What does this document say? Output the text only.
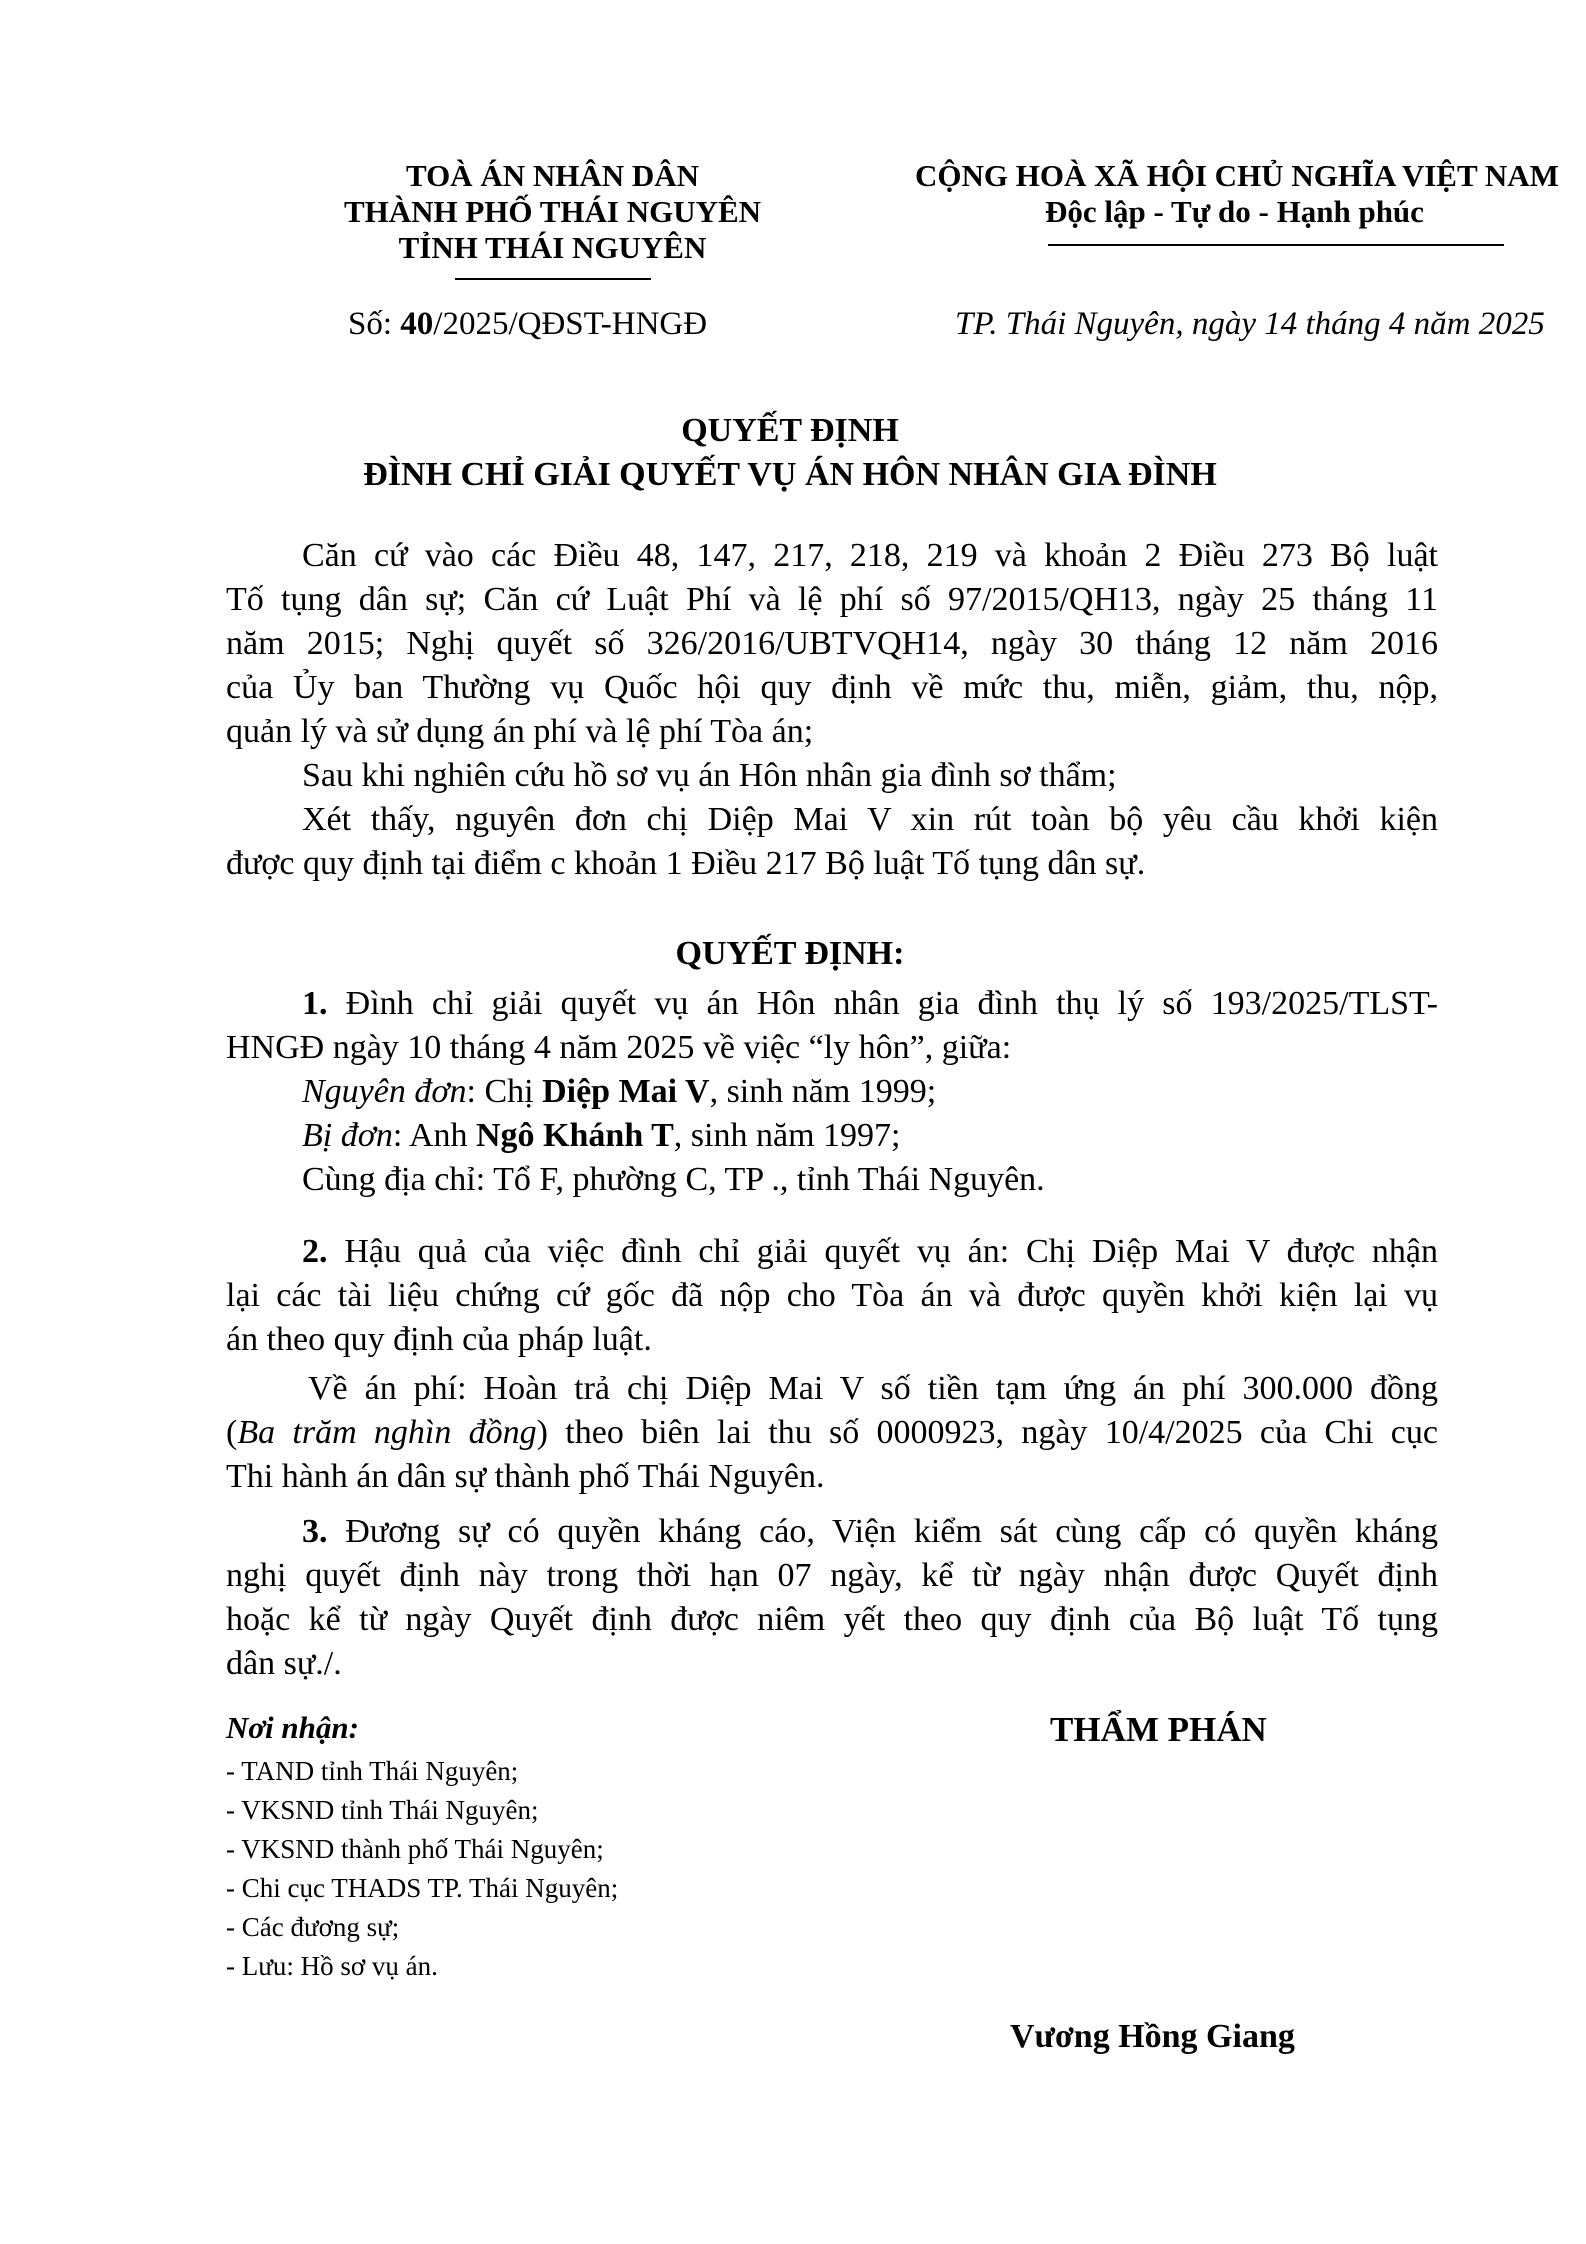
TOÀ ÁN NHÂN DÂN
THÀNH PHỐ THÁI NGUYÊN
TỈNH THÁI NGUYÊN
CỘNG HOÀ XÃ HỘI CHỦ NGHĨA VIỆT NAM
Độc lập - Tự do - Hạnh phúc
Số: 40/2025/QĐST-HNGĐ	TP. Thái Nguyên, ngày 14 tháng 4 năm 2025
QUYẾT ĐỊNH
ĐÌNH CHỈ GIẢI QUYẾT VỤ ÁN HÔN NHÂN GIA ĐÌNH
Căn cứ vào các Điều 48, 147, 217, 218, 219 và khoản 2 Điều 273 Bộ luật
Tố tụng dân sự; Căn cứ Luật Phí và lệ phí số 97/2015/QH13, ngày 25 tháng 11
năm 2015; Nghị quyết số 326/2016/UBTVQH14, ngày 30 tháng 12 năm 2016
của Ủy ban Thường vụ Quốc hội quy định về mức thu, miễn, giảm, thu, nộp,
quản lý và sử dụng án phí và lệ phí Tòa án;
Sau khi nghiên cứu hồ sơ vụ án Hôn nhân gia đình sơ thẩm;
Xét thấy, nguyên đơn chị Diệp Mai V xin rút toàn bộ yêu cầu khởi kiện
được quy định tại điểm c khoản 1 Điều 217 Bộ luật Tố tụng dân sự.
QUYẾT ĐỊNH:
1. Đình chỉ giải quyết vụ án Hôn nhân gia đình thụ lý số 193/2025/TLST-
HNGĐ ngày 10 tháng 4 năm 2025 về việc “ly hôn”, giữa:
Nguyên đơn: Chị Diệp Mai V, sinh năm 1999;
Bị đơn: Anh Ngô Khánh T, sinh năm 1997;
Cùng địa chỉ: Tổ F, phường C, TP ., tỉnh Thái Nguyên.
2. Hậu quả của việc đình chỉ giải quyết vụ án: Chị Diệp Mai V được nhận
lại các tài liệu chứng cứ gốc đã nộp cho Tòa án và được quyền khởi kiện lại vụ
án theo quy định của pháp luật.
Về án phí: Hoàn trả chị Diệp Mai V số tiền tạm ứng án phí 300.000 đồng
(Ba trăm nghìn đồng) theo biên lai thu số 0000923, ngày 10/4/2025 của Chi cục
Thi hành án dân sự thành phố Thái Nguyên.
3. Đương sự có quyền kháng cáo, Viện kiểm sát cùng cấp có quyền kháng
nghị quyết định này trong thời hạn 07 ngày, kể từ ngày nhận được Quyết định
hoặc kể từ ngày Quyết định được niêm yết theo quy định của Bộ luật Tố tụng
dân sự./.
Nơi nhận:
- TAND tỉnh Thái Nguyên;
- VKSND tỉnh Thái Nguyên;
- VKSND thành phố Thái Nguyên;
- Chi cục THADS TP. Thái Nguyên;
- Các đương sự;
- Lưu: Hồ sơ vụ án.
THẨM PHÁN
Vương Hồng Giang
